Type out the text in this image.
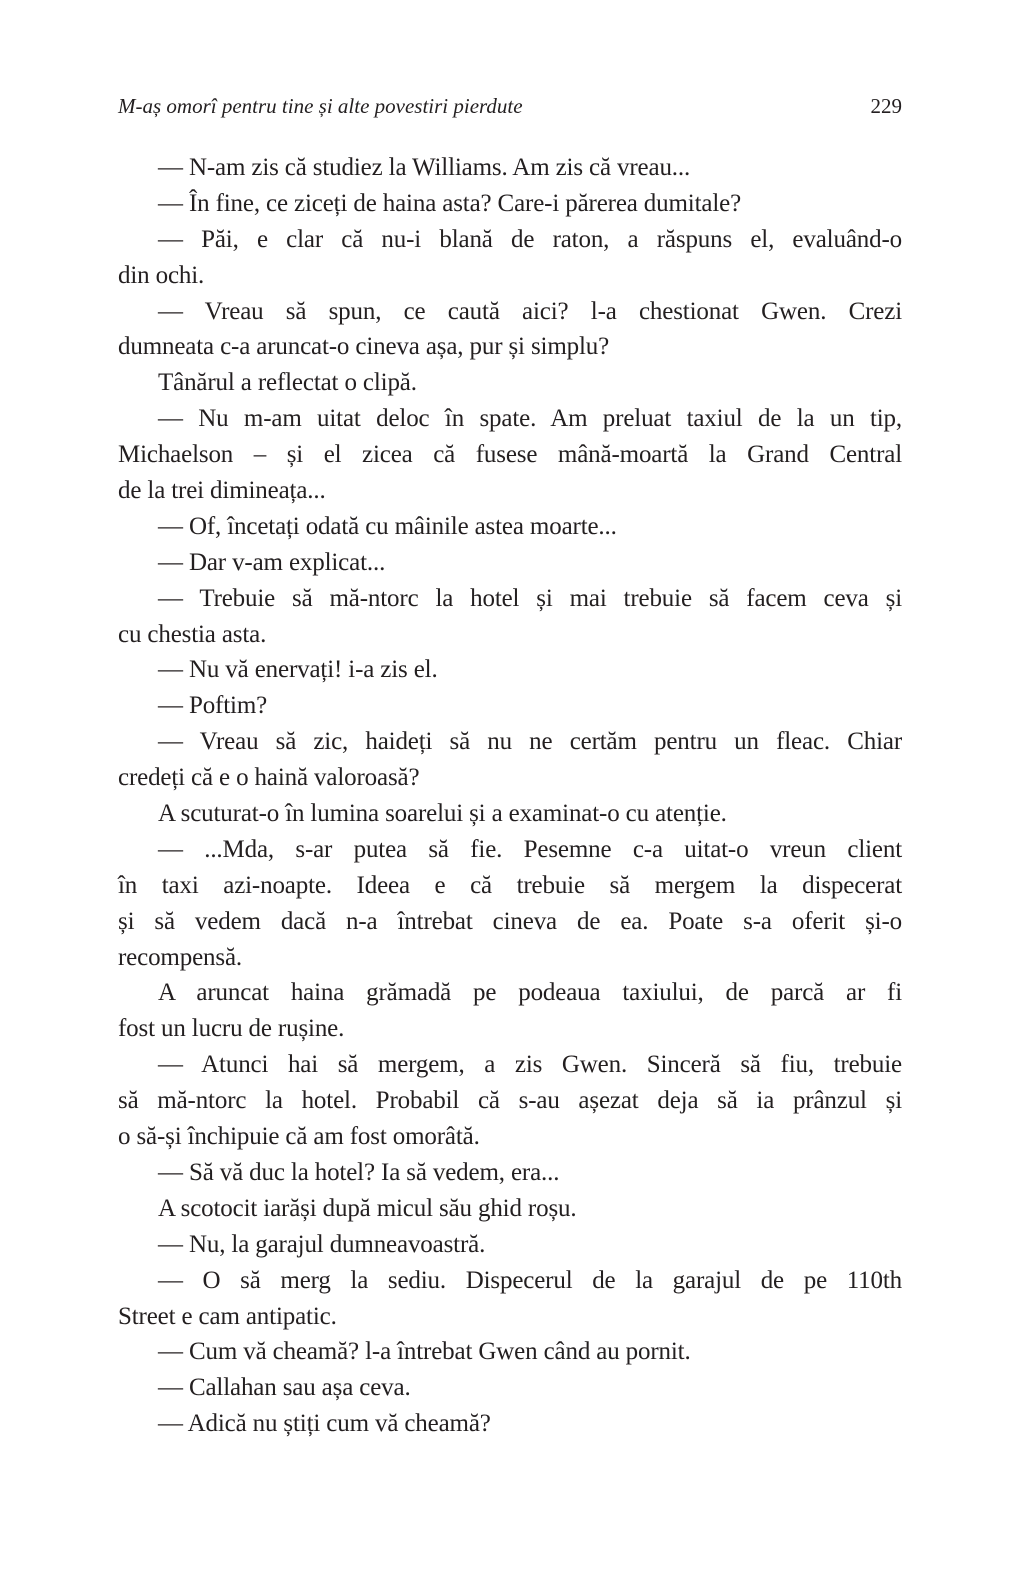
M-aș omorî pentru tine și alte povestiri pierdute	229
— N-am zis că studiez la Williams. Am zis că vreau...
— În fine, ce ziceți de haina asta? Care-i părerea dumitale?
— Păi, e clar că nu-i blană de raton, a răspuns el, evaluând-o
din ochi.
— Vreau să spun, ce caută aici? l-a chestionat Gwen. Crezi
dumneata c-a aruncat-o cineva așa, pur și simplu?
Tânărul a reflectat o clipă.
— Nu m-am uitat deloc în spate. Am preluat taxiul de la un tip,
Michaelson – și el zicea că fusese mână-moartă la Grand Central
de la trei dimineața...
— Of, încetați odată cu mâinile astea moarte...
— Dar v-am explicat...
— Trebuie să mă-ntorc la hotel și mai trebuie să facem ceva și
cu chestia asta.
— Nu vă enervați! i-a zis el.
— Poftim?
— Vreau să zic, haideți să nu ne certăm pentru un fleac. Chiar
credeți că e o haină valoroasă?
A scuturat-o în lumina soarelui și a examinat-o cu atenție.
— ...Mda, s-ar putea să fie. Pesemne c-a uitat-o vreun client
în taxi azi-noapte. Ideea e că trebuie să mergem la dispecerat
și să vedem dacă n-a întrebat cineva de ea. Poate s-a oferit și-o
recompensă.
A aruncat haina grămadă pe podeaua taxiului, de parcă ar fi
fost un lucru de rușine.
— Atunci hai să mergem, a zis Gwen. Sinceră să fiu, trebuie
să mă-ntorc la hotel. Probabil că s-au așezat deja să ia prânzul și
o să-și închipuie că am fost omorâtă.
— Să vă duc la hotel? Ia să vedem, era...
A scotocit iarăși după micul său ghid roșu.
— Nu, la garajul dumneavoastră.
— O să merg la sediu. Dispecerul de la garajul de pe 110th
Street e cam antipatic.
— Cum vă cheamă? l-a întrebat Gwen când au pornit.
— Callahan sau așa ceva.
— Adică nu știți cum vă cheamă?
